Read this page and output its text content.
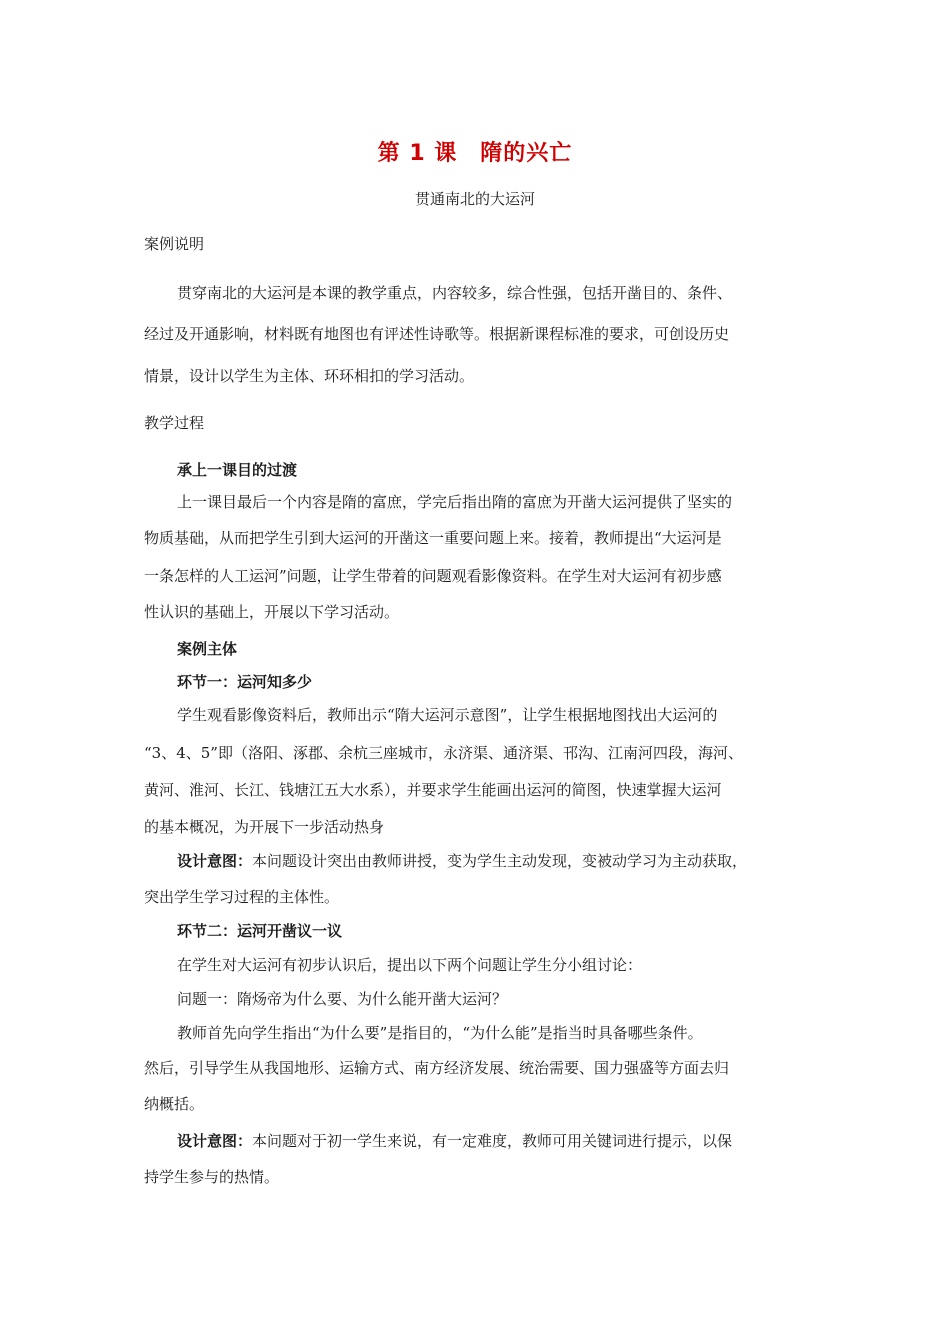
第 1 课　隋的兴亡
贯通南北的大运河
案例说明
贯穿南北的大运河是本课的教学重点，内容较多，综合性强，包括开凿目的、条件、
经过及开通影响，材料既有地图也有评述性诗歌等。根据新课程标准的要求，可创设历史
情景，设计以学生为主体、环环相扣的学习活动。
教学过程
承上一课目的过渡
上一课目最后一个内容是隋的富庶，学完后指出隋的富庶为开凿大运河提供了坚实的
物质基础，从而把学生引到大运河的开凿这一重要问题上来。接着，教师提出“大运河是
一条怎样的人工运河”问题，让学生带着的问题观看影像资料。在学生对大运河有初步感
性认识的基础上，开展以下学习活动。
案例主体
环节一：运河知多少
学生观看影像资料后，教师出示“隋大运河示意图”，让学生根据地图找出大运河的
“3、4、5”即（洛阳、涿郡、余杭三座城市，永济渠、通济渠、邗沟、江南河四段，海河、
黄河、淮河、长江、钱塘江五大水系），并要求学生能画出运河的简图，快速掌握大运河
的基本概况，为开展下一步活动热身
设计意图：本问题设计突出由教师讲授，变为学生主动发现，变被动学习为主动获取，
突出学生学习过程的主体性。
环节二：运河开凿议一议
在学生对大运河有初步认识后，提出以下两个问题让学生分小组讨论：
问题一：隋炀帝为什么要、为什么能开凿大运河？
教师首先向学生指出“为什么要”是指目的，“为什么能”是指当时具备哪些条件。
然后，引导学生从我国地形、运输方式、南方经济发展、统治需要、国力强盛等方面去归
纳概括。
设计意图：本问题对于初一学生来说，有一定难度，教师可用关键词进行提示，以保
持学生参与的热情。
